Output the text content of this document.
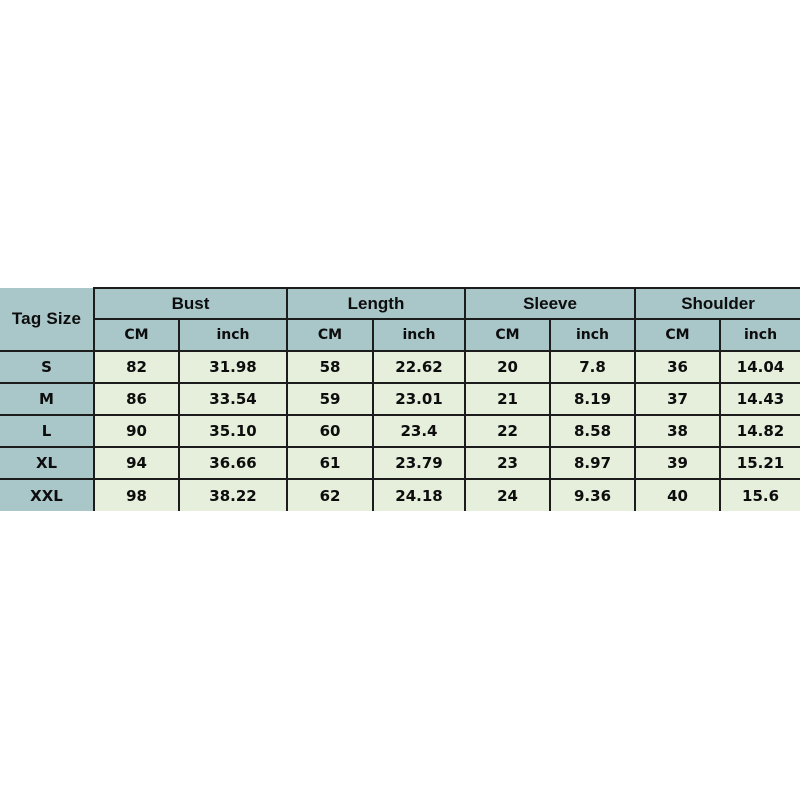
Tag Size	Bust		Length		Sleeve		Shoulder	
	CM	inch	CM	inch	CM	inch	CM	inch
S	82	31.98	58	22.62	20	7.8	36	14.04
M	86	33.54	59	23.01	21	8.19	37	14.43
L	90	35.10	60	23.4	22	8.58	38	14.82
XL	94	36.66	61	23.79	23	8.97	39	15.21
XXL	98	38.22	62	24.18	24	9.36	40	15.6
